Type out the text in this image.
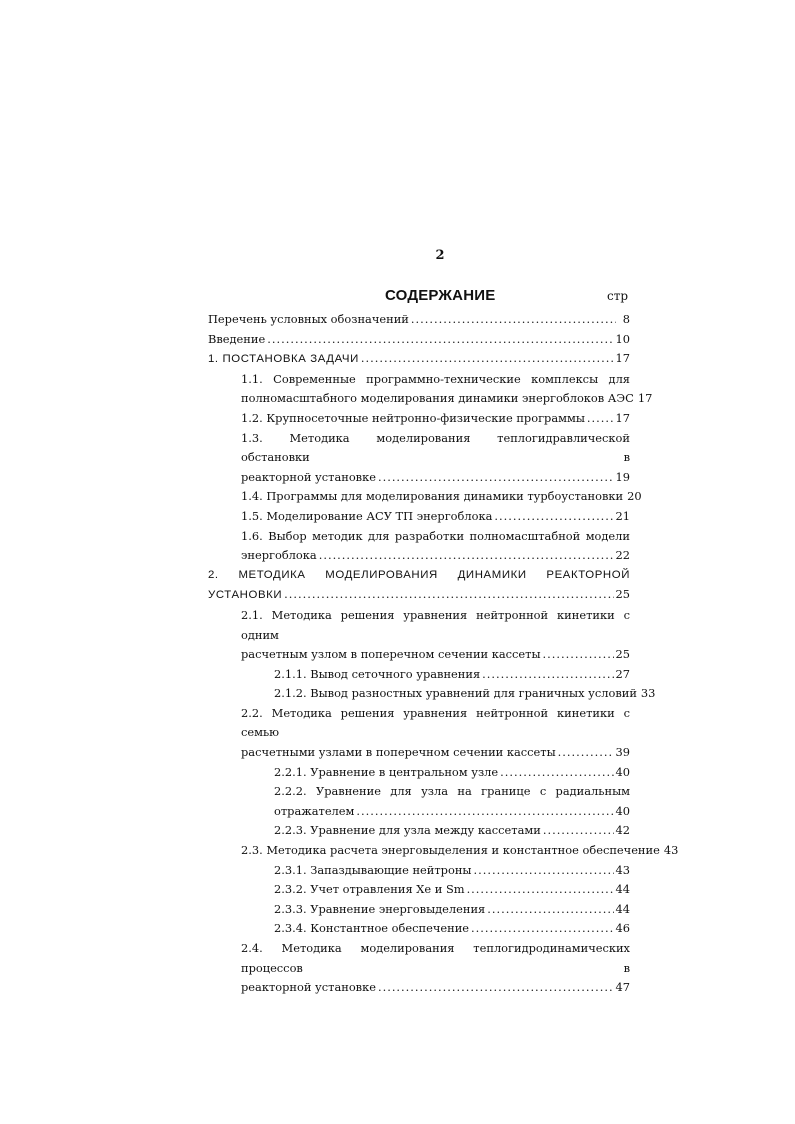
2
СОДЕРЖАНИЕ	стр
Перечень условных обозначений .....	8
Введение .....	10
1. ПОСТАНОВКА ЗАДАЧИ .....	17
1.1. Современные программно-технические комплексы для
полномасштабного моделирования динамики энергоблоков АЭС 17
1.2. Крупносеточные нейтронно-физические программы .....	17
1.3. Методика моделирования теплогидравлической обстановки в
реакторной установке .....	19
1.4. Программы для моделирования динамики турбоустановки 20
1.5. Моделирование АСУ ТП энергоблока .....	21
1.6. Выбор методик для разработки полномасштабной модели
энергоблока .....	22
2. МЕТОДИКА МОДЕЛИРОВАНИЯ ДИНАМИКИ РЕАКТОРНОЙ
УСТАНОВКИ .....	25
2.1. Методика решения уравнения нейтронной кинетики с одним
расчетным узлом в поперечном сечении кассеты .....	25
2.1.1. Вывод сеточного уравнения .....	27
2.1.2. Вывод разностных уравнений для граничных условий 33
2.2. Методика решения уравнения нейтронной кинетики с семью
расчетными узлами в поперечном сечении кассеты .....	39
2.2.1. Уравнение в центральном узле .....	40
2.2.2. Уравнение для узла на границе с радиальным
отражателем .....	40
2.2.3. Уравнение для узла между кассетами .....	42
2.3. Методика расчета энерговыделения и константное обеспечение 43
2.3.1. Запаздывающие нейтроны .....	43
2.3.2. Учет отравления Xe и Sm .....	44
2.3.3. Уравнение энерговыделения .....	44
2.3.4. Константное обеспечение .....	46
2.4. Методика моделирования теплогидродинамических процессов в
реакторной установке .....	47
